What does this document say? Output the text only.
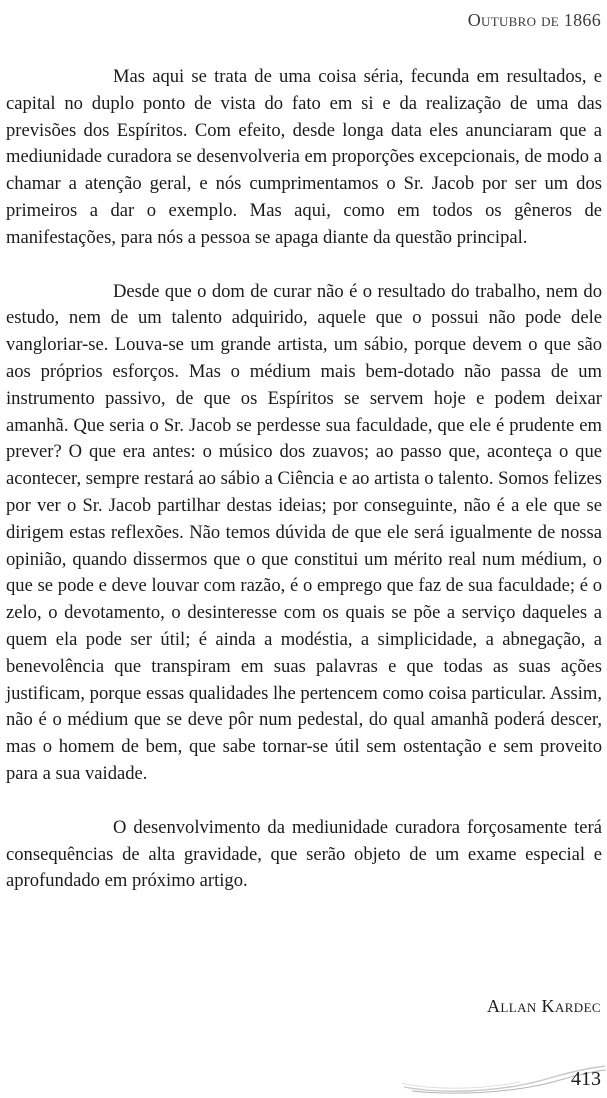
Outubro de 1866

Mas aqui se trata de uma coisa séria, fecunda em resultados, e capital no duplo ponto de vista do fato em si e da realização de uma das previsões dos Espíritos. Com efeito, desde longa data eles anunciaram que a mediunidade curadora se desenvolveria em proporções excepcionais, de modo a chamar a atenção geral, e nós cumprimentamos o Sr. Jacob por ser um dos primeiros a dar o exemplo. Mas aqui, como em todos os gêneros de manifestações, para nós a pessoa se apaga diante da questão principal.

Desde que o dom de curar não é o resultado do trabalho, nem do estudo, nem de um talento adquirido, aquele que o possui não pode dele vangloriar-se. Louva-se um grande artista, um sábio, porque devem o que são aos próprios esforços. Mas o médium mais bem-dotado não passa de um instrumento passivo, de que os Espíritos se servem hoje e podem deixar amanhã. Que seria o Sr. Jacob se perdesse sua faculdade, que ele é prudente em prever? O que era antes: o músico dos zuavos; ao passo que, aconteça o que acontecer, sempre restará ao sábio a Ciência e ao artista o talento. Somos felizes por ver o Sr. Jacob partilhar destas ideias; por conseguinte, não é a ele que se dirigem estas reflexões. Não temos dúvida de que ele será igualmente de nossa opinião, quando dissermos que o que constitui um mérito real num médium, o que se pode e deve louvar com razão, é o emprego que faz de sua faculdade; é o zelo, o devotamento, o desinteresse com os quais se põe a serviço daqueles a quem ela pode ser útil; é ainda a modéstia, a simplicidade, a abnegação, a benevolência que transpiram em suas palavras e que todas as suas ações justificam, porque essas qualidades lhe pertencem como coisa particular. Assim, não é o médium que se deve pôr num pedestal, do qual amanhã poderá descer, mas o homem de bem, que sabe tornar-se útil sem ostentação e sem proveito para a sua vaidade.

O desenvolvimento da mediunidade curadora forçosamente terá consequências de alta gravidade, que serão objeto de um exame especial e aprofundado em próximo artigo.

Allan Kardec
413
